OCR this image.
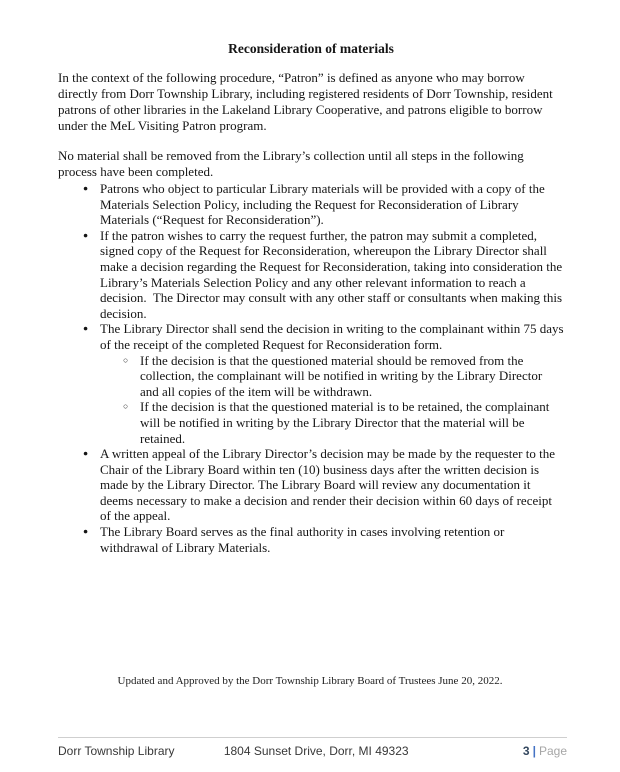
Reconsideration of materials

In the context of the following procedure, “Patron” is defined as anyone who may borrow directly from Dorr Township Library, including registered residents of Dorr Township, resident patrons of other libraries in the Lakeland Library Cooperative, and patrons eligible to borrow under the MeL Visiting Patron program.

No material shall be removed from the Library’s collection until all steps in the following process have been completed.

● Patrons who object to particular Library materials will be provided with a copy of the Materials Selection Policy, including the Request for Reconsideration of Library Materials (“Request for Reconsideration”).
● If the patron wishes to carry the request further, the patron may submit a completed, signed copy of the Request for Reconsideration, whereupon the Library Director shall make a decision regarding the Request for Reconsideration, taking into consideration the Library’s Materials Selection Policy and any other relevant information to reach a decision.  The Director may consult with any other staff or consultants when making this decision.
● The Library Director shall send the decision in writing to the complainant within 75 days of the receipt of the completed Request for Reconsideration form.
○ If the decision is that the questioned material should be removed from the collection, the complainant will be notified in writing by the Library Director and all copies of the item will be withdrawn.
○ If the decision is that the questioned material is to be retained, the complainant will be notified in writing by the Library Director that the material will be retained.
● A written appeal of the Library Director’s decision may be made by the requester to the Chair of the Library Board within ten (10) business days after the written decision is made by the Library Director. The Library Board will review any documentation it deems necessary to make a decision and render their decision within 60 days of receipt of the appeal.
● The Library Board serves as the final authority in cases involving retention or withdrawal of Library Materials.
Updated and Approved by the Dorr Township Library Board of Trustees June 20, 2022.
Dorr Township Library	1804 Sunset Drive, Dorr, MI 49323	3 | Page
